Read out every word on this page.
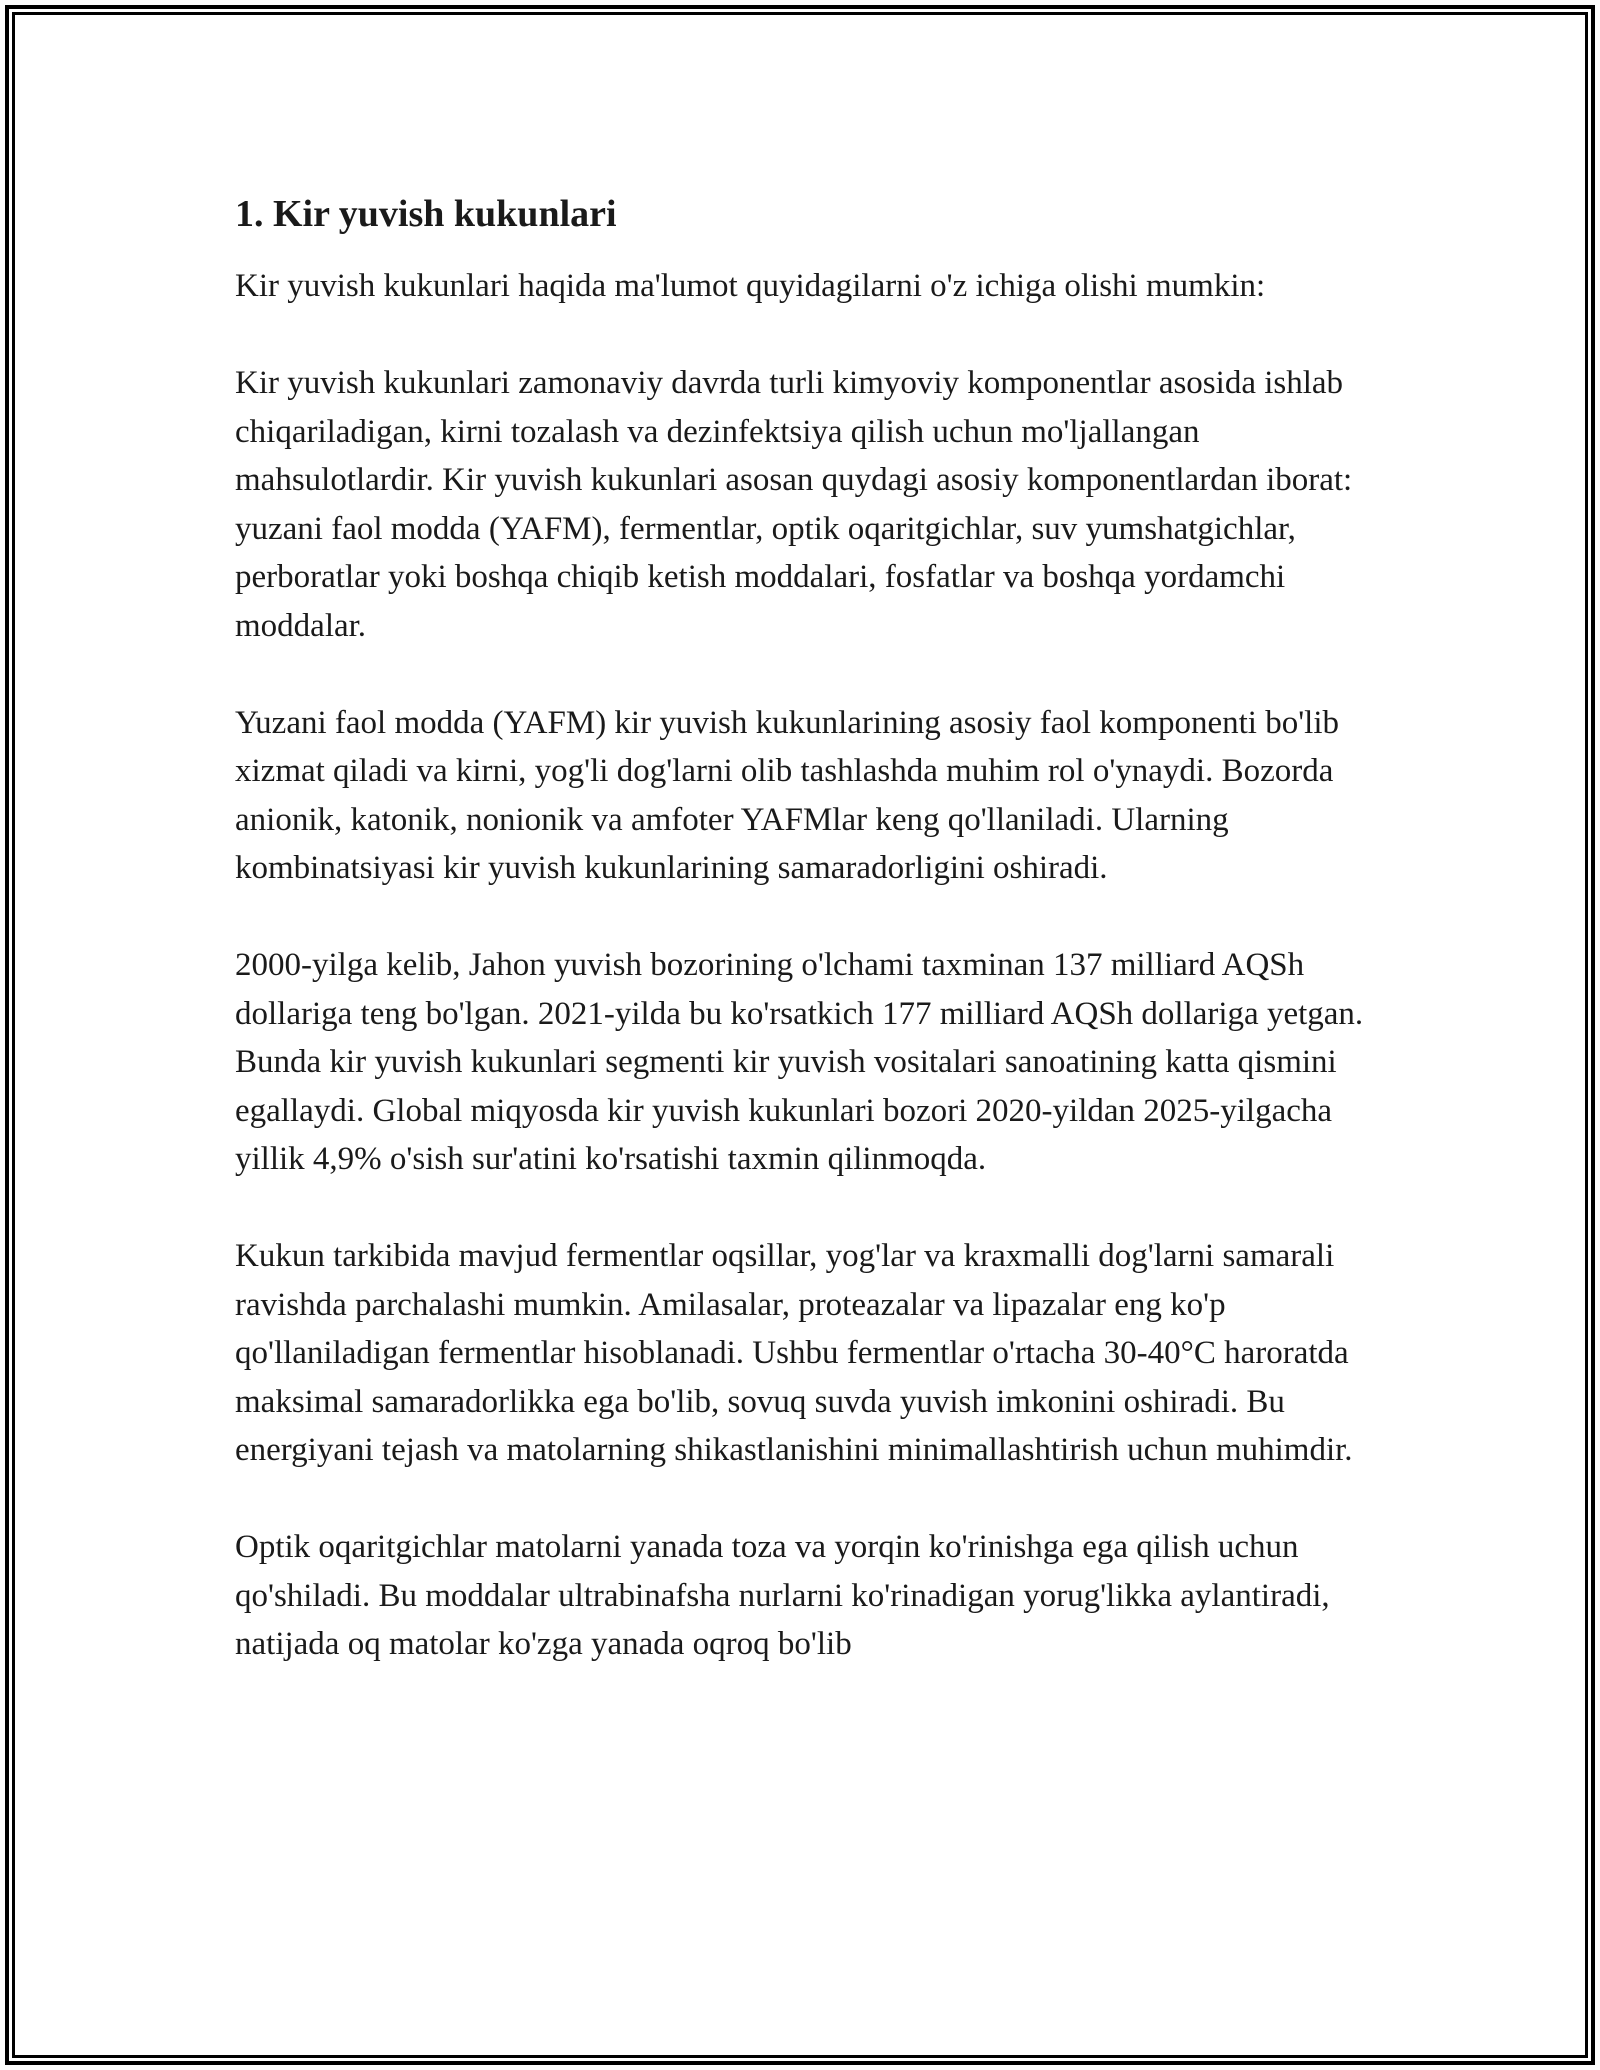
1. Kir yuvish kukunlari

Kir yuvish kukunlari haqida ma'lumot quyidagilarni o'z ichiga olishi mumkin:

Kir yuvish kukunlari zamonaviy davrda turli kimyoviy komponentlar asosida ishlab chiqariladigan, kirni tozalash va dezinfektsiya qilish uchun mo'ljallangan mahsulotlardir. Kir yuvish kukunlari asosan quydagi asosiy komponentlardan iborat: yuzani faol modda (YAFM), fermentlar, optik oqaritgichlar, suv yumshatgichlar, perboratlar yoki boshqa chiqib ketish moddalari, fosfatlar va boshqa yordamchi moddalar.

Yuzani faol modda (YAFM) kir yuvish kukunlarining asosiy faol komponenti bo'lib xizmat qiladi va kirni, yog'li dog'larni olib tashlashda muhim rol o'ynaydi. Bozorda anionik, katonik, nonionik va amfoter YAFMlar keng qo'llaniladi. Ularning kombinatsiyasi kir yuvish kukunlarining samaradorligini oshiradi.

2000-yilga kelib, Jahon yuvish bozorining o'lchami taxminan 137 milliard AQSh dollariga teng bo'lgan. 2021-yilda bu ko'rsatkich 177 milliard AQSh dollariga yetgan. Bunda kir yuvish kukunlari segmenti kir yuvish vositalari sanoatining katta qismini egallaydi. Global miqyosda kir yuvish kukunlari bozori 2020-yildan 2025-yilgacha yillik 4,9% o'sish sur'atini ko'rsatishi taxmin qilinmoqda.

Kukun tarkibida mavjud fermentlar oqsillar, yog'lar va kraxmalli dog'larni samarali ravishda parchalashi mumkin. Amilasalar, proteazalar va lipazalar eng ko'p qo'llaniladigan fermentlar hisoblanadi. Ushbu fermentlar o'rtacha 30-40°C haroratda maksimal samaradorlikka ega bo'lib, sovuq suvda yuvish imkonini oshiradi. Bu energiyani tejash va matolarning shikastlanishini minimallashtirish uchun muhimdir.

Optik oqaritgichlar matolarni yanada toza va yorqin ko'rinishga ega qilish uchun qo'shiladi. Bu moddalar ultrabinafsha nurlarni ko'rinadigan yorug'likka aylantiradi, natijada oq matolar ko'zga yanada oqroq bo'lib
